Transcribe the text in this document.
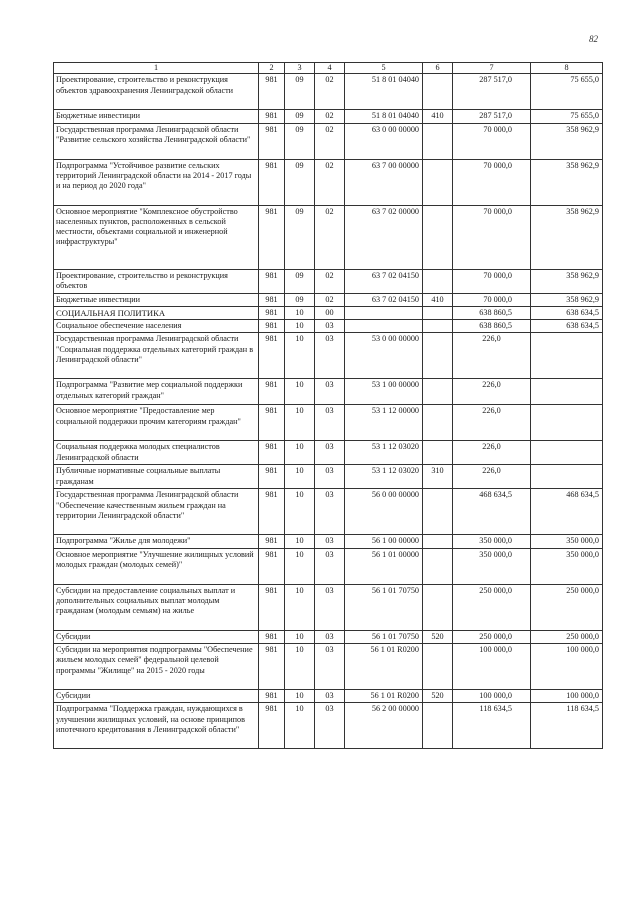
82
1	2	3	4	5	6	7	8
Проектирование, строительство и реконструкция объектов здравоохранения Ленинградской области	981	09	02	51 8 01 04040		287 517,0	75 655,0
Бюджетные инвестиции	981	09	02	51 8 01 04040	410	287 517,0	75 655,0
Государственная программа Ленинградской области "Развитие сельского хозяйства Ленинградской области"	981	09	02	63 0 00 00000		70 000,0	358 962,9
Подпрограмма "Устойчивое развитие сельских территорий Ленинградской области на 2014 - 2017 годы и на период до 2020 года"	981	09	02	63 7 00 00000		70 000,0	358 962,9
Основное мероприятие "Комплексное обустройство населенных пунктов, расположенных в сельской местности, объектами социальной и инженерной инфраструктуры"	981	09	02	63 7 02 00000		70 000,0	358 962,9
Проектирование, строительство и реконструкция объектов	981	09	02	63 7 02 04150		70 000,0	358 962,9
Бюджетные инвестиции	981	09	02	63 7 02 04150	410	70 000,0	358 962,9
СОЦИАЛЬНАЯ ПОЛИТИКА	981	10	00			638 860,5	638 634,5
Социальное обеспечение населения	981	10	03			638 860,5	638 634,5
Государственная программа Ленинградской области "Социальная поддержка отдельных категорий граждан в Ленинградской области"	981	10	03	53 0 00 00000		226,0	
Подпрограмма "Развитие мер социальной поддержки отдельных категорий граждан"	981	10	03	53 1 00 00000		226,0	
Основное мероприятие "Предоставление мер социальной поддержки прочим категориям граждан"	981	10	03	53 1 12 00000		226,0	
Социальная поддержка молодых специалистов Ленинградской области	981	10	03	53 1 12 03020		226,0	
Публичные нормативные социальные выплаты гражданам	981	10	03	53 1 12 03020	310	226,0	
Государственная программа Ленинградской области "Обеспечение качественным жильем граждан на территории Ленинградской области"	981	10	03	56 0 00 00000		468 634,5	468 634,5
Подпрограмма "Жилье для молодежи"	981	10	03	56 1 00 00000		350 000,0	350 000,0
Основное мероприятие "Улучшение жилищных условий молодых граждан (молодых семей)"	981	10	03	56 1 01 00000		350 000,0	350 000,0
Субсидии на предоставление социальных выплат и дополнительных социальных выплат молодым гражданам (молодым семьям) на жилье	981	10	03	56 1 01 70750		250 000,0	250 000,0
Субсидии	981	10	03	56 1 01 70750	520	250 000,0	250 000,0
Субсидии на мероприятия подпрограммы "Обеспечение жильем молодых семей" федеральной целевой программы "Жилище" на 2015 - 2020 годы	981	10	03	56 1 01 R0200		100 000,0	100 000,0
Субсидии	981	10	03	56 1 01 R0200	520	100 000,0	100 000,0
Подпрограмма "Поддержка граждан, нуждающихся в улучшении жилищных условий, на основе принципов ипотечного кредитования в Ленинградской области"	981	10	03	56 2 00 00000		118 634,5	118 634,5
